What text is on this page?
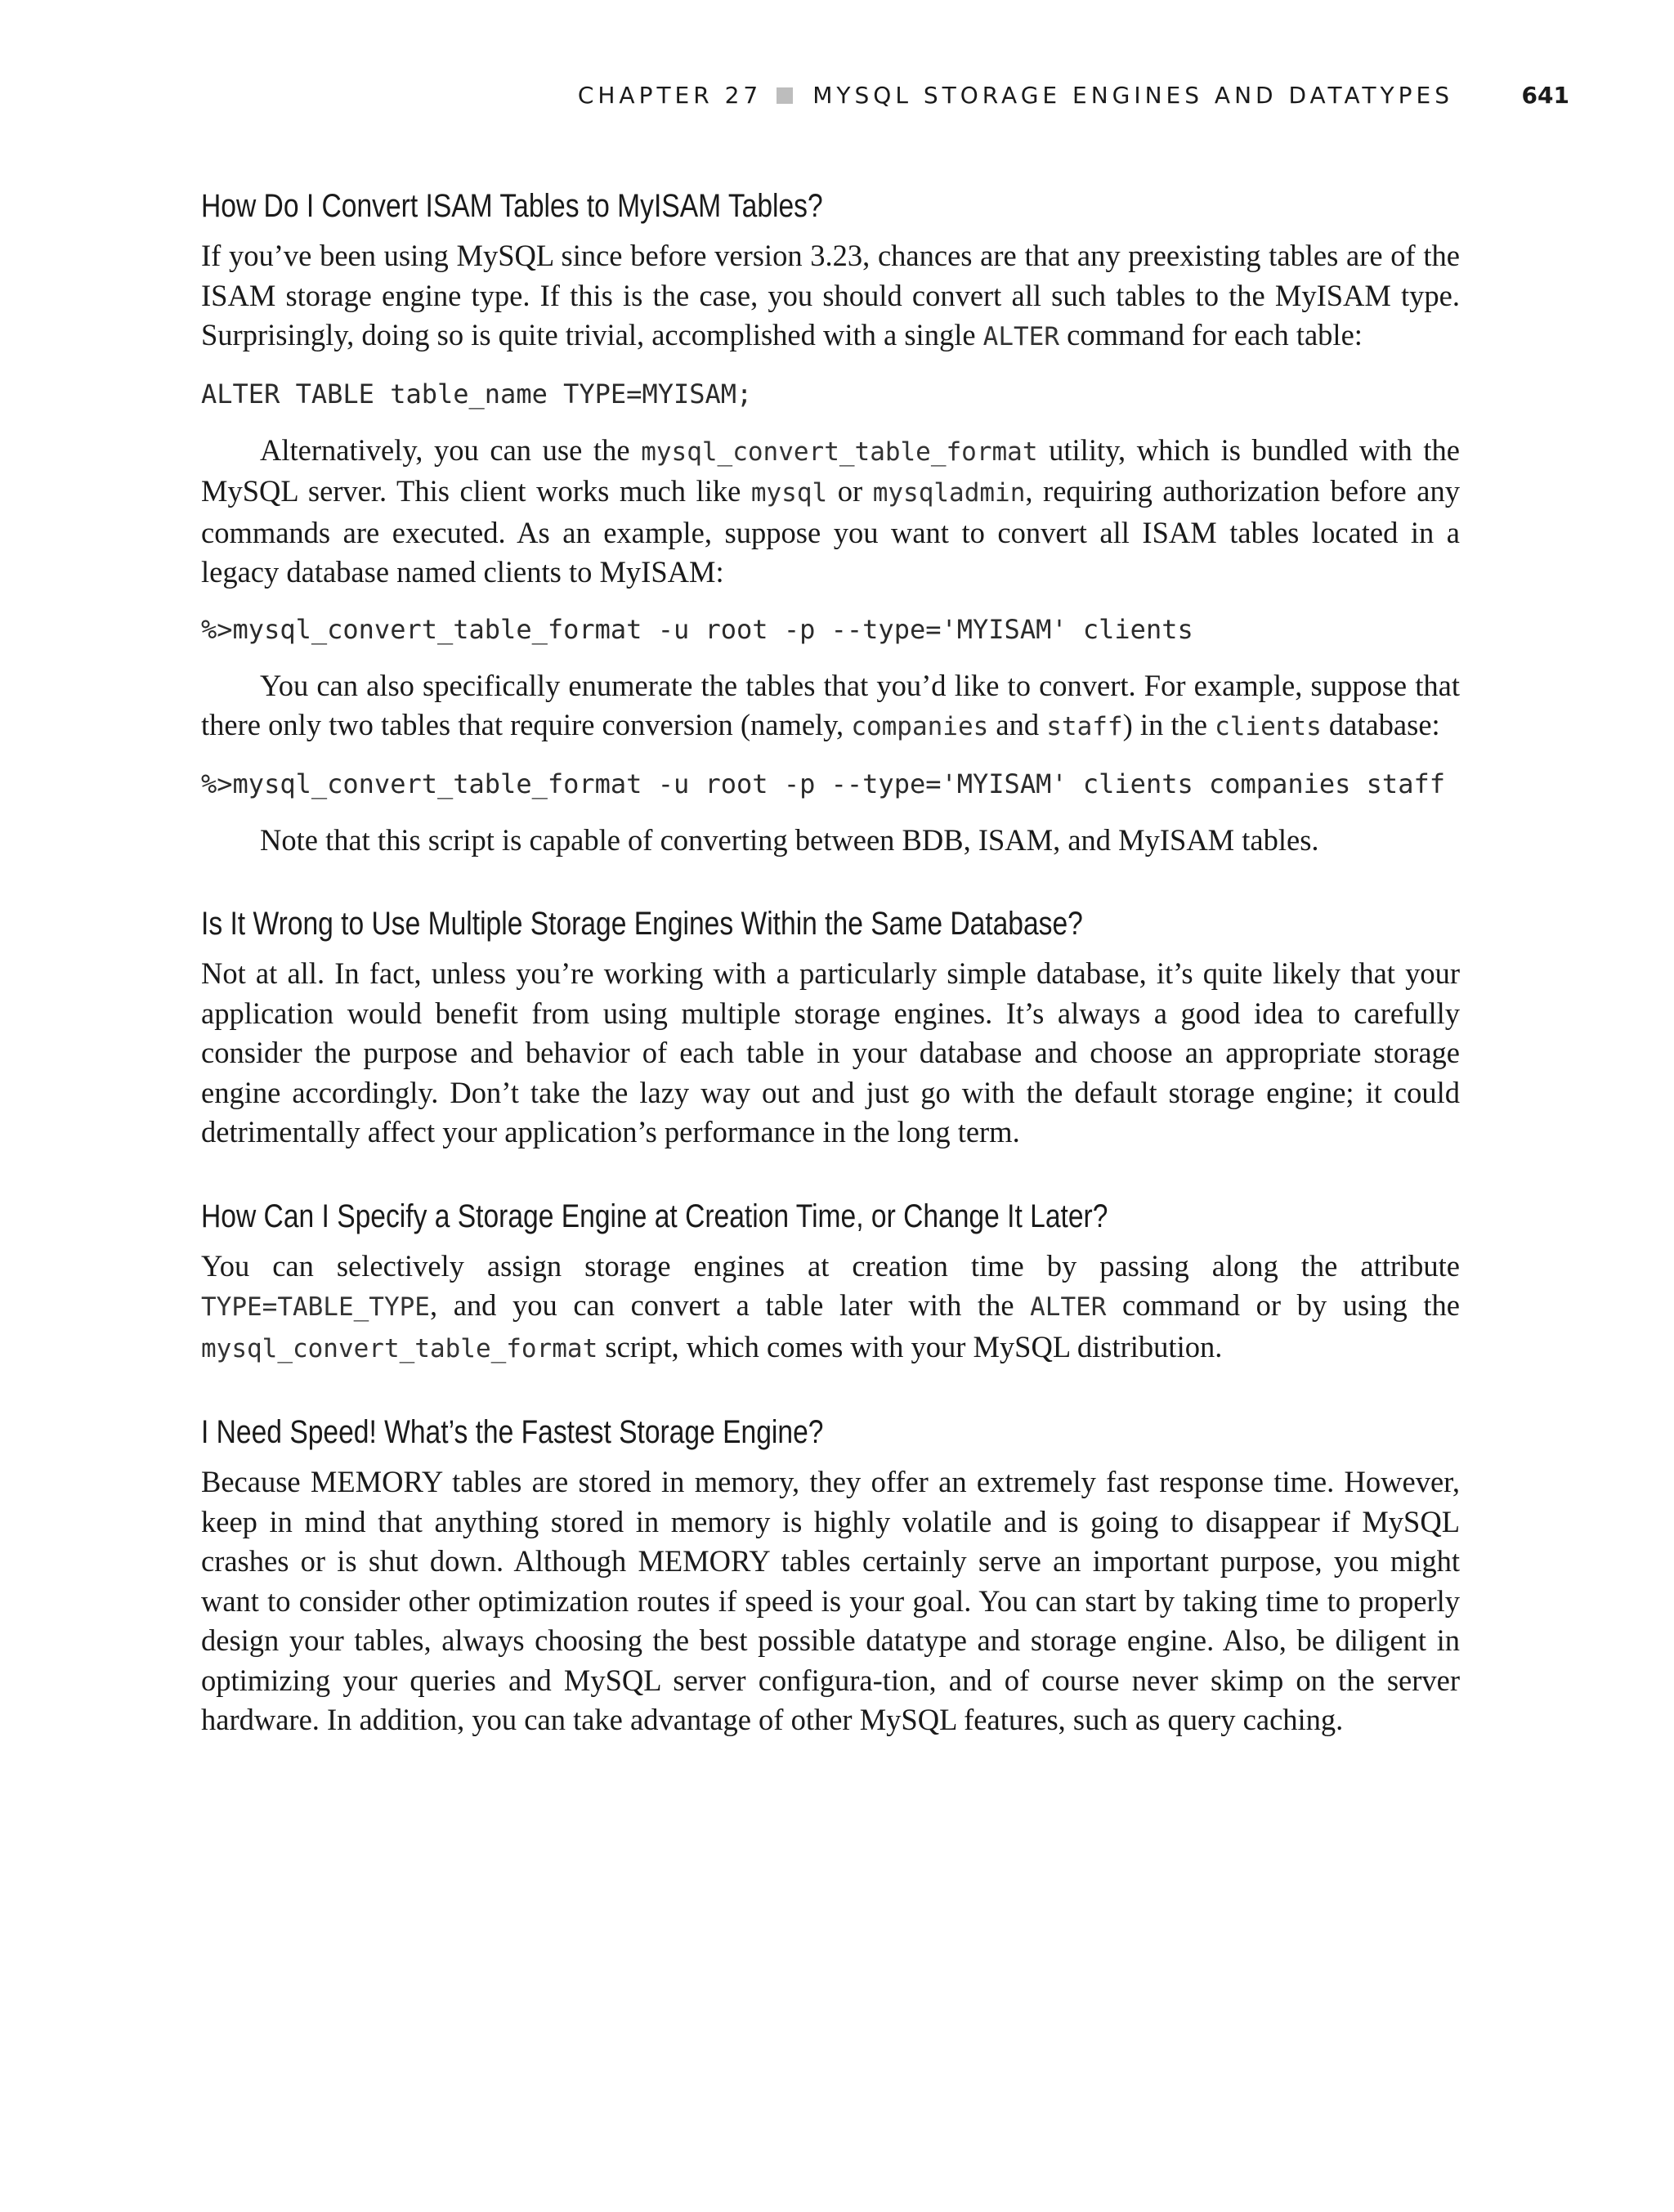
CHAPTER 27 MYSQL STORAGE ENGINES AND DATATYPES	641
How Do I Convert ISAM Tables to MyISAM Tables?

If you’ve been using MySQL since before version 3.23, chances are that any preexisting tables are of the ISAM storage engine type. If this is the case, you should convert all such tables to the MyISAM type. Surprisingly, doing so is quite trivial, accomplished with a single ALTER command for each table:

ALTER TABLE table_name TYPE=MYISAM;

Alternatively, you can use the mysql_convert_table_format utility, which is bundled with the MySQL server. This client works much like mysql or mysqladmin, requiring authorization before any commands are executed. As an example, suppose you want to convert all ISAM tables located in a legacy database named clients to MyISAM:

%>mysql_convert_table_format -u root -p --type='MYISAM' clients

You can also specifically enumerate the tables that you’d like to convert. For example, suppose that there only two tables that require conversion (namely, companies and staff) in the clients database:

%>mysql_convert_table_format -u root -p --type='MYISAM' clients companies staff

Note that this script is capable of converting between BDB, ISAM, and MyISAM tables.

Is It Wrong to Use Multiple Storage Engines Within the Same Database?

Not at all. In fact, unless you’re working with a particularly simple database, it’s quite likely that your application would benefit from using multiple storage engines. It’s always a good idea to carefully consider the purpose and behavior of each table in your database and choose an appropriate storage engine accordingly. Don’t take the lazy way out and just go with the default storage engine; it could detrimentally affect your application’s performance in the long term.

How Can I Specify a Storage Engine at Creation Time, or Change It Later?

You can selectively assign storage engines at creation time by passing along the attribute TYPE=TABLE_TYPE, and you can convert a table later with the ALTER command or by using the mysql_convert_table_format script, which comes with your MySQL distribution.

I Need Speed! What’s the Fastest Storage Engine?

Because MEMORY tables are stored in memory, they offer an extremely fast response time. However, keep in mind that anything stored in memory is highly volatile and is going to disappear if MySQL crashes or is shut down. Although MEMORY tables certainly serve an important purpose, you might want to consider other optimization routes if speed is your goal. You can start by taking time to properly design your tables, always choosing the best possible datatype and storage engine. Also, be diligent in optimizing your queries and MySQL server configura-tion, and of course never skimp on the server hardware. In addition, you can take advantage of other MySQL features, such as query caching.
